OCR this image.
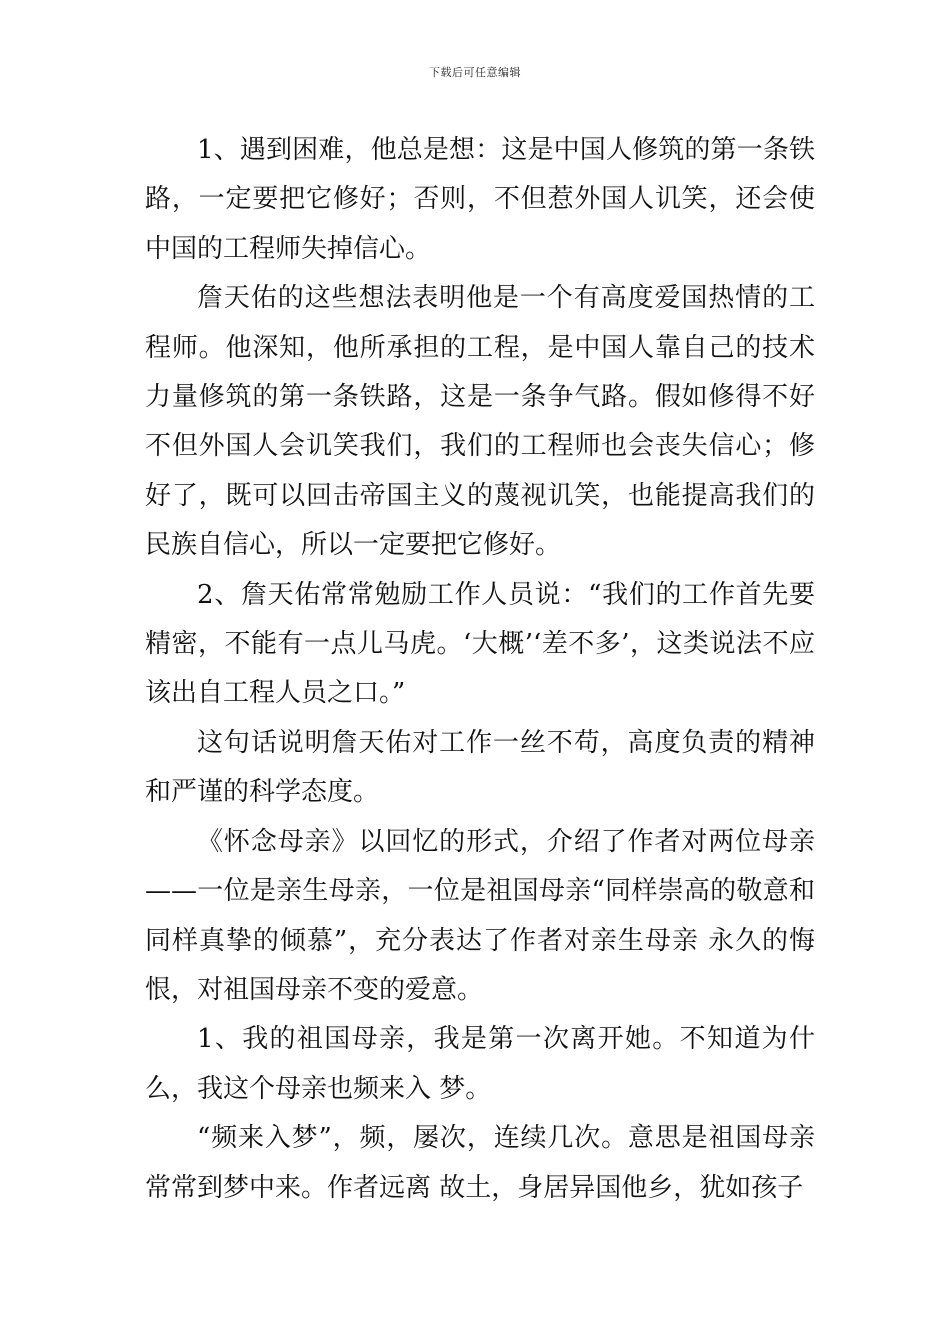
下载后可任意编辑

1、遇到困难，他总是想：这是中国人修筑的第一条铁路，一定要把它修好；否则，不但惹外国人讥笑，还会使中国的工程师失掉信心。

詹天佑的这些想法表明他是一个有高度爱国热情的工程师。他深知，他所承担的工程，是中国人靠自己的技术力量修筑的第一条铁路，这是一条争气路。假如修得不好不但外国人会讥笑我们，我们的工程师也会丧失信心；修好了，既可以回击帝国主义的蔑视讥笑，也能提高我们的民族自信心，所以一定要把它修好。

2、詹天佑常常勉励工作人员说：“我们的工作首先要精密，不能有一点儿马虎。‘大概’‘差不多’，这类说法不应该出自工程人员之口。”

这句话说明詹天佑对工作一丝不苟，高度负责的精神和严谨的科学态度。

《怀念母亲》以回忆的形式，介绍了作者对两位母亲——一位是亲生母亲，一位是祖国母亲“同样崇高的敬意和同样真挚的倾慕”，充分表达了作者对亲生母亲 永久的悔恨，对祖国母亲不变的爱意。

1、我的祖国母亲，我是第一次离开她。不知道为什么，我这个母亲也频来入 梦。

“频来入梦”，频，屡次，连续几次。意思是祖国母亲常常到梦中来。作者远离 故土，身居异国他乡，犹如孩子
